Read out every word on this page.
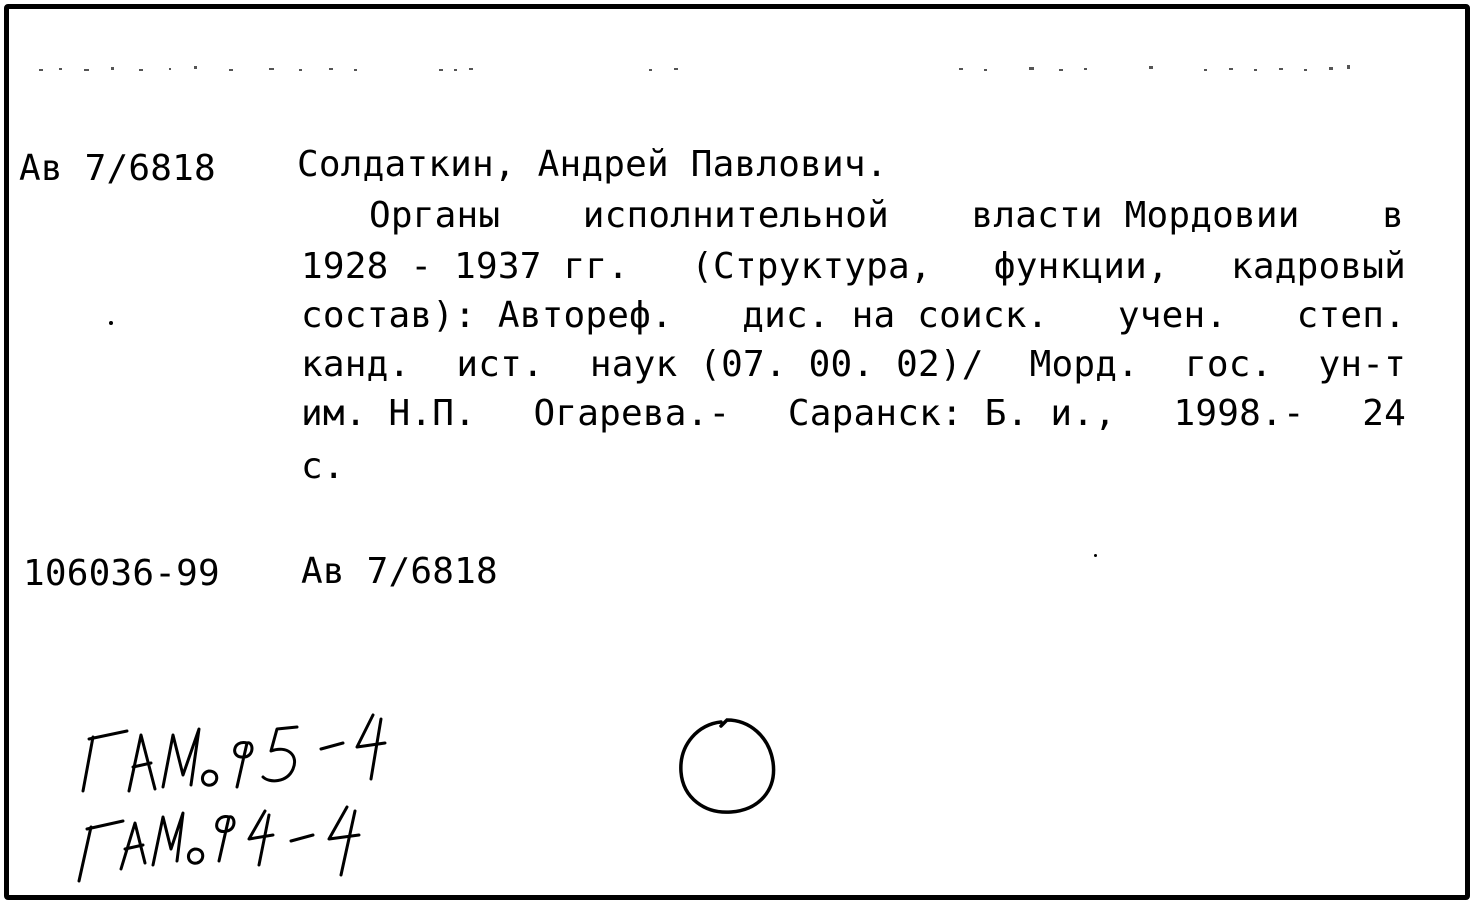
Ав 7/6818 Солдаткин, Андрей Павлович.
Органы исполнительной власти Мордовии в
1928 - 1937 гг. (Структура, функции, кадровый
состав): Автореф. дис. на соиск. учен. степ.
канд. ист. наук (07. 00. 02)/ Морд. гос. ун-т
им. Н.П. Огарева.- Саранск: Б. и., 1998.- 24
с.
106036-99 Ав 7/6818
